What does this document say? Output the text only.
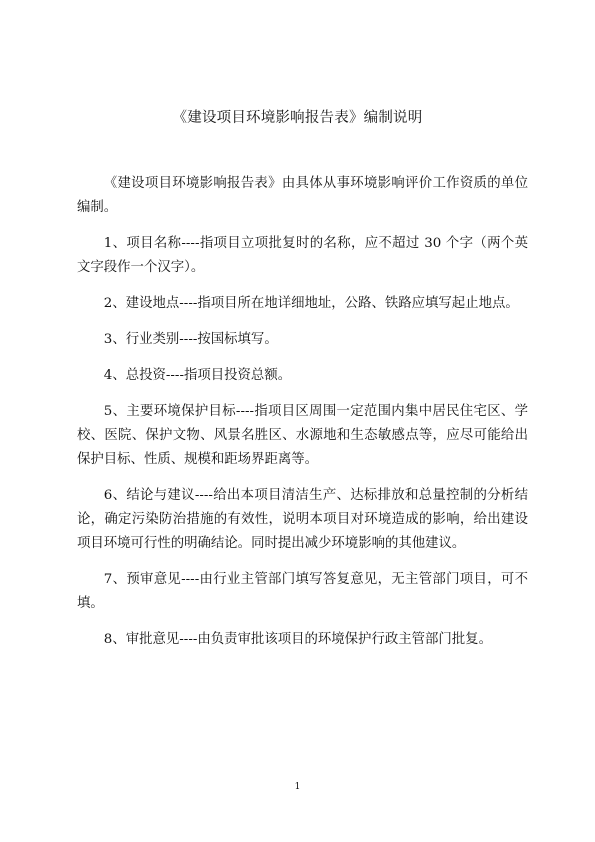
《建设项目环境影响报告表》编制说明

《建设项目环境影响报告表》由具体从事环境影响评价工作资质的单位编制。

1、项目名称----指项目立项批复时的名称，应不超过 30 个字（两个英文字段作一个汉字）。

2、建设地点----指项目所在地详细地址，公路、铁路应填写起止地点。

3、行业类别----按国标填写。

4、总投资----指项目投资总额。

5、主要环境保护目标----指项目区周围一定范围内集中居民住宅区、学校、医院、保护文物、风景名胜区、水源地和生态敏感点等，应尽可能给出保护目标、性质、规模和距场界距离等。

6、结论与建议----给出本项目清洁生产、达标排放和总量控制的分析结论，确定污染防治措施的有效性，说明本项目对环境造成的影响，给出建设项目环境可行性的明确结论。同时提出减少环境影响的其他建议。

7、预审意见----由行业主管部门填写答复意见，无主管部门项目，可不填。

8、审批意见----由负责审批该项目的环境保护行政主管部门批复。

1
